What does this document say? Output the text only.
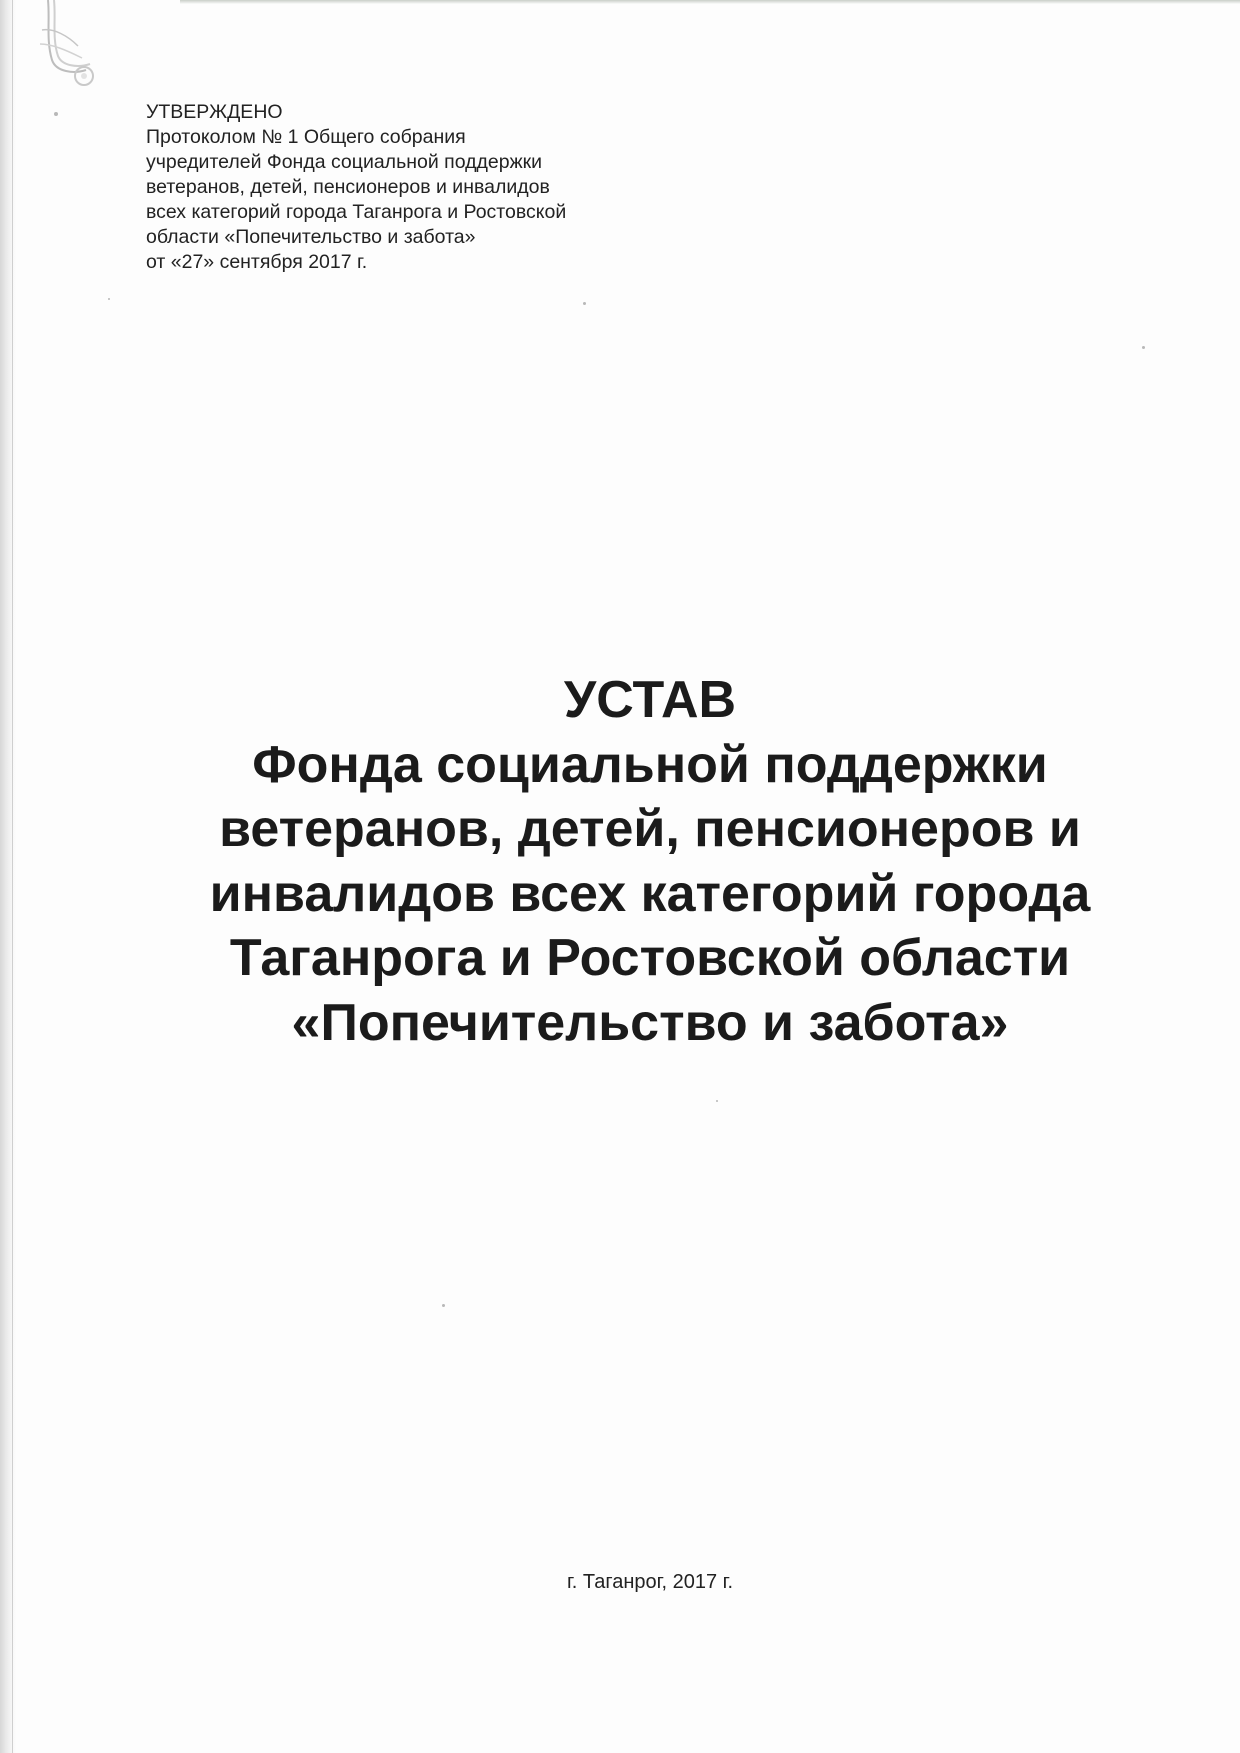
УТВЕРЖДЕНО
Протоколом № 1 Общего собрания
учредителей Фонда социальной поддержки
ветеранов, детей, пенсионеров и инвалидов
всех категорий города Таганрога и Ростовской
области «Попечительство и забота»
от «27» сентября 2017 г.
УСТАВ
Фонда социальной поддержки
ветеранов, детей, пенсионеров и
инвалидов всех категорий города
Таганрога и Ростовской области
«Попечительство и забота»
г. Таганрог, 2017 г.
